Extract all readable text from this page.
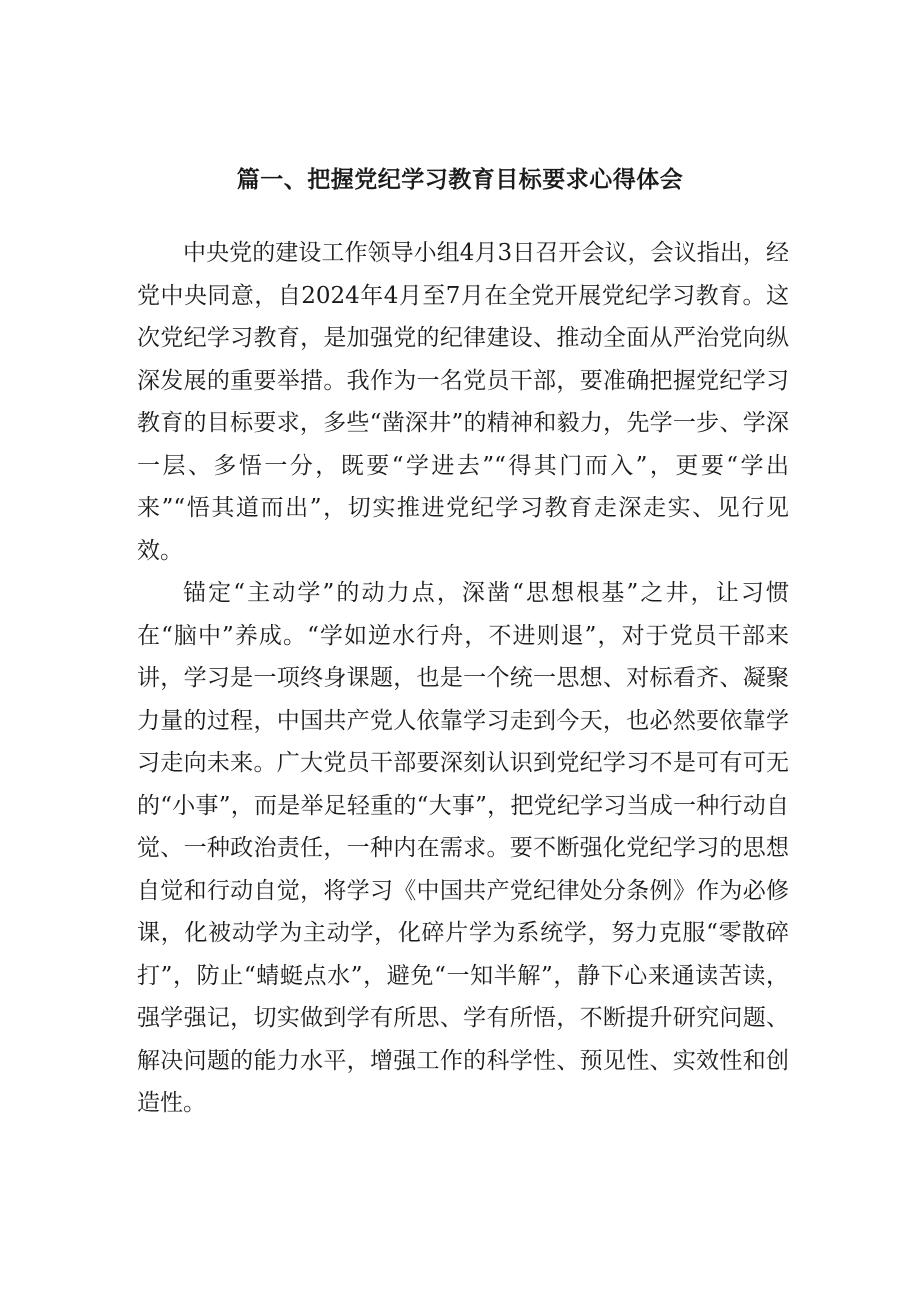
篇一、把握党纪学习教育目标要求心得体会

中央党的建设工作领导小组4月3日召开会议，会议指出，经党中央同意，自2024年4月至7月在全党开展党纪学习教育。这次党纪学习教育，是加强党的纪律建设、推动全面从严治党向纵深发展的重要举措。我作为一名党员干部，要准确把握党纪学习教育的目标要求，多些“凿深井”的精神和毅力，先学一步、学深一层、多悟一分，既要“学进去”“得其门而入”，更要“学出来”“悟其道而出”，切实推进党纪学习教育走深走实、见行见效。

锚定“主动学”的动力点，深凿“思想根基”之井，让习惯在“脑中”养成。“学如逆水行舟，不进则退”，对于党员干部来讲，学习是一项终身课题，也是一个统一思想、对标看齐、凝聚力量的过程，中国共产党人依靠学习走到今天，也必然要依靠学习走向未来。广大党员干部要深刻认识到党纪学习不是可有可无的“小事”，而是举足轻重的“大事”，把党纪学习当成一种行动自觉、一种政治责任，一种内在需求。要不断强化党纪学习的思想自觉和行动自觉，将学习《中国共产党纪律处分条例》作为必修课，化被动学为主动学，化碎片学为系统学，努力克服“零散碎打”，防止“蜻蜓点水”，避免“一知半解”，静下心来通读苦读，强学强记，切实做到学有所思、学有所悟，不断提升研究问题、解决问题的能力水平，增强工作的科学性、预见性、实效性和创造性。
